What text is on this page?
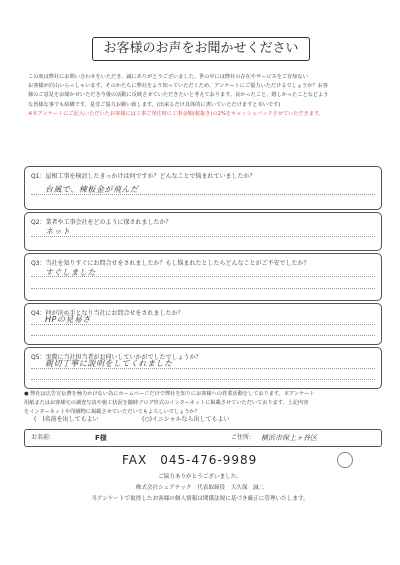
お客様のお声をお聞かせください
この度は弊社にお問い合わせをいただき、誠にありがとうございました。世の中には弊社の存在やサービスをご存知ない
お客様が沢山いらっしゃいます。そのかたちに弊社をより知っていただくため、アンケートにご協力いただけるでしょうか？お客
様のご意見をお聞かせいただき今後の活動に反映させていただきたいと考えております。良かったこと、嬉しかったことなどよう
な皆様な事でも結構です。是非ご協力お願い致します。(出来るだけ具体的に書いていただけますと幸いです)
※本アンケートにご記入いただいたお客様には工事ご発注時に工事金額(税抜き)の2%をキャッシュバックさせていただきます。
Q1：屋根工事を検討したきっかけは何ですか？どんなことで悩まれていましたか？
台風で、棟板金が飛んだ
Q2：業者や工事会社をどのように探されましたか？
ネット
Q3：当社を知りすぐにお問合せをされましたか？もし悩まれたとしたらどんなことがご不安でしたか？
すぐしました
Q4：何が決め手となり当社にお問合せをされましたか？
HPの見易さ
Q5：実際に当社担当者がお伺いしていかがでしたでしょうか？
親切丁寧に説明をしてくれました
● 弊社は広告宣伝費を極力かけない為にホームページだけで弊社を知りにお客様への営業活動をしております。本アンケート
用紙またはお客様宅の調査写真や施工状況を随時ブログ形式のインターネットに掲載させていただいております。上記内容
をインターネットや印刷物に掲載させていただいてもよろしいでしょうか？
(　)名前を出してもよい	(○)イニシャルなら出してもよい
お名前:	F様	ご住所: 横浜市保土ヶ谷区
FAX　045-476-9989
ご協力ありがとうございました。
株式会社シェアテック　代表取締役　大久保　誠二
当アンケートで取得したお客様の個人情報は関係法規に基づき厳正に管理いたします。
